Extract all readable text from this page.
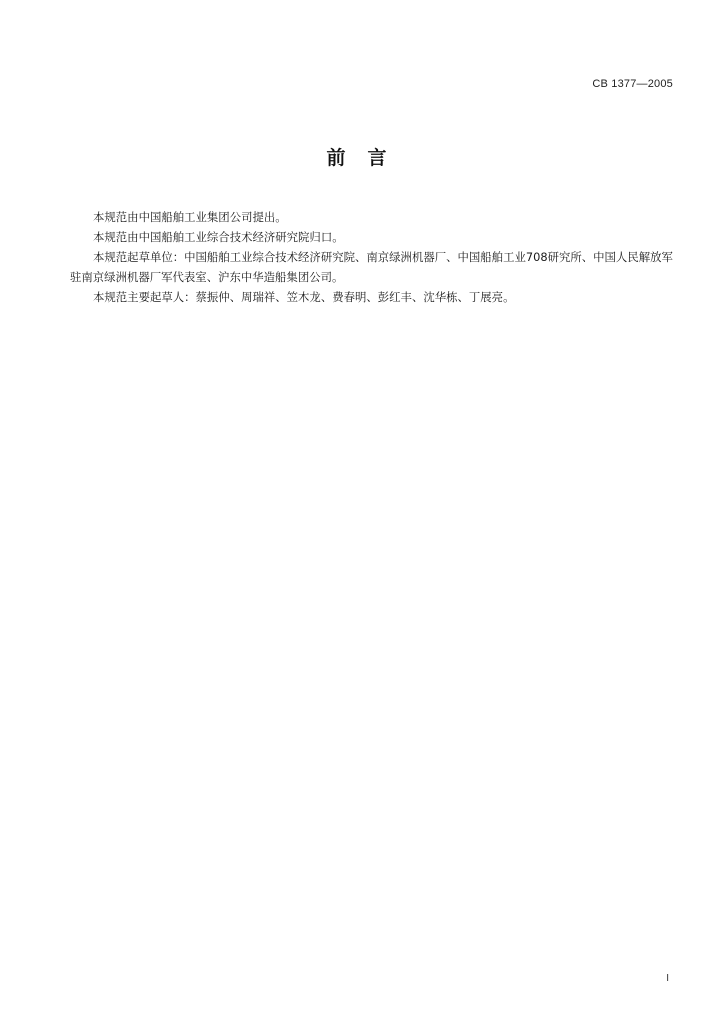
CB 1377—2005
前言

本规范由中国船舶工业集团公司提出。

本规范由中国船舶工业综合技术经济研究院归口。

本规范起草单位：中国船舶工业综合技术经济研究院、南京绿洲机器厂、中国船舶工业708研究所、中国人民解放军驻南京绿洲机器厂军代表室、沪东中华造船集团公司。

本规范主要起草人：蔡振仲、周瑞祥、笠木龙、费春明、彭红丰、沈华栋、丁展亮。

I
